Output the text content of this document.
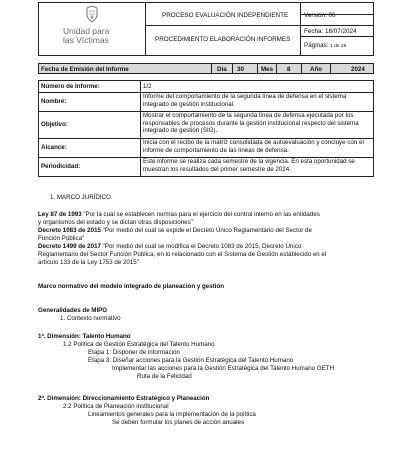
Unidad para
las Víctimas
PROCESO EVALUACIÓN INDEPENDIENTE
PROCEDIMIENTO ELABORACIÓN INFORMES
Versión: 06
Fecha: 18/07/2024
Páginas: 1 de 28
Fecha de Emisión del Informe	Día 30	Mes 8	Año	2024
Número de Informe:	1/2
Nombre:	Informe del comportamiento de la segunda línea de defensa en el sistema integrado de gestión institucional.
Objetivo:	Mostrar el comportamiento de la segunda línea de defensa ejecutada por los responsables de procesos durante la gestión institucional respecto del sistema integrado de gestión (SIG).
Alcance:	Inicia con el recibo de la matriz consolidada de autoevaluación y concluye con el informe de comportamiento de las líneas de defensa.
Periodicidad:	Este informe se realiza cada semestre de la vigencia. En esta oportunidad se muestran los resultados del primer semestre de 2024.
1. MARCO JURÍDICO.
Ley 87 de 1993 "Por la cual se establecen normas para el ejercicio del control interno en las entidades
y organismos del estado y se dictan otras disposiciones"
Decreto 1083 de 2015 "Por medio del cual se expide el Decreto Único Reglamentario del Sector de
Función Pública"
Decreto 1499 de 2017 "Por medio del cual se modifica el Decreto 1083 de 2015, Decreto Único
Reglamentario del Sector Función Pública, en lo relacionado con el Sistema de Gestión establecido en el
artículo 133 de la Ley 1753 de 2015"
Marco normativo del modelo integrado de planeación y gestión
Generalidades de MIPG
1. Contexto normativo
1ª. Dimensión: Talento Humano
1.2 Política de Gestión Estratégica del Talento Humano
Etapa 1: Disponer de información
Etapa 3: Diseñar acciones para la Gestión Estratégica del Talento Humano
Implementar las acciones para la Gestión Estratégica del Talento Humano GETH
Ruta de la Felicidad
2ª. Dimensión: Direccionamiento Estratégico y Planeación
2.2 Política de Planeación institucional
Lineamientos generales para la implementación de la política
Se deben formular los planes de acción anuales
